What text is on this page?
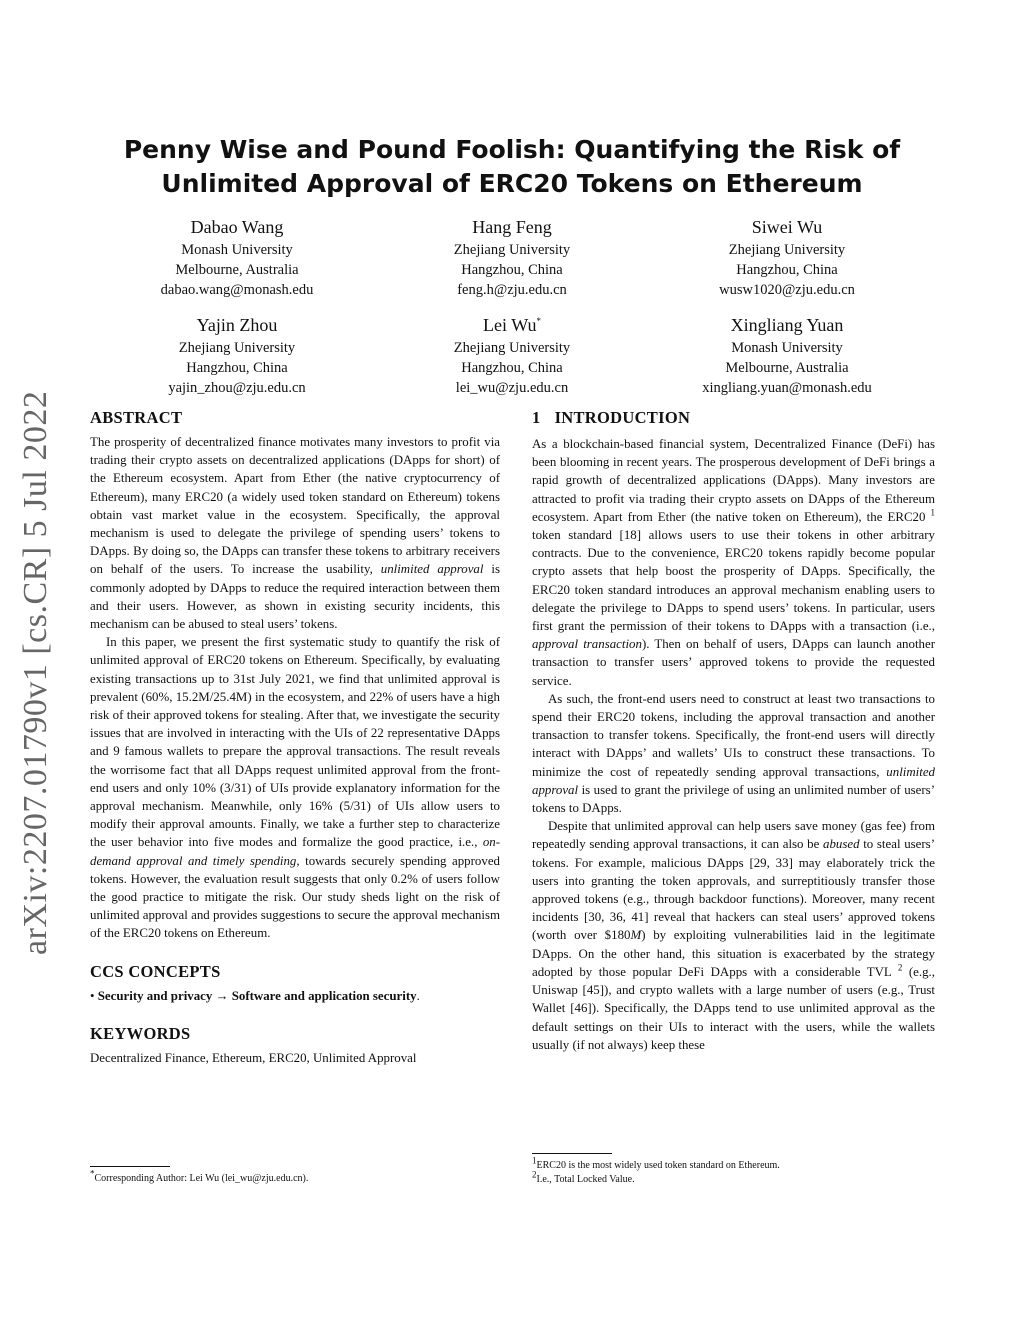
arXiv:2207.01790v1 [cs.CR] 5 Jul 2022
Penny Wise and Pound Foolish: Quantifying the Risk of
Unlimited Approval of ERC20 Tokens on Ethereum
Dabao Wang
Monash University
Melbourne, Australia
dabao.wang@monash.edu
Hang Feng
Zhejiang University
Hangzhou, China
feng.h@zju.edu.cn
Siwei Wu
Zhejiang University
Hangzhou, China
wusw1020@zju.edu.cn
Yajin Zhou
Zhejiang University
Hangzhou, China
yajin_zhou@zju.edu.cn
Lei Wu*
Zhejiang University
Hangzhou, China
lei_wu@zju.edu.cn
Xingliang Yuan
Monash University
Melbourne, Australia
xingliang.yuan@monash.edu
ABSTRACT

The prosperity of decentralized finance motivates many investors to profit via trading their crypto assets on decentralized applications (DApps for short) of the Ethereum ecosystem. Apart from Ether (the native cryptocurrency of Ethereum), many ERC20 (a widely used token standard on Ethereum) tokens obtain vast market value in the ecosystem. Specifically, the approval mechanism is used to delegate the privilege of spending users’ tokens to DApps. By doing so, the DApps can transfer these tokens to arbitrary receivers on behalf of the users. To increase the usability, unlimited approval is commonly adopted by DApps to reduce the required interaction between them and their users. However, as shown in existing security incidents, this mechanism can be abused to steal users’ tokens.

In this paper, we present the first systematic study to quantify the risk of unlimited approval of ERC20 tokens on Ethereum. Specifically, by evaluating existing transactions up to 31st July 2021, we find that unlimited approval is prevalent (60%, 15.2M/25.4M) in the ecosystem, and 22% of users have a high risk of their approved tokens for stealing. After that, we investigate the security issues that are involved in interacting with the UIs of 22 representative DApps and 9 famous wallets to prepare the approval transactions. The result reveals the worrisome fact that all DApps request unlimited approval from the front-end users and only 10% (3/31) of UIs provide explanatory information for the approval mechanism. Meanwhile, only 16% (5/31) of UIs allow users to modify their approval amounts. Finally, we take a further step to characterize the user behavior into five modes and formalize the good practice, i.e., on-demand approval and timely spending, towards securely spending approved tokens. However, the evaluation result suggests that only 0.2% of users follow the good practice to mitigate the risk. Our study sheds light on the risk of unlimited approval and provides suggestions to secure the approval mechanism of the ERC20 tokens on Ethereum.

CCS CONCEPTS

• Security and privacy → Software and application security.

KEYWORDS

Decentralized Finance, Ethereum, ERC20, Unlimited Approval

*Corresponding Author: Lei Wu (lei_wu@zju.edu.cn).
1 INTRODUCTION

As a blockchain-based financial system, Decentralized Finance (DeFi) has been blooming in recent years. The prosperous development of DeFi brings a rapid growth of decentralized applications (DApps). Many investors are attracted to profit via trading their crypto assets on DApps of the Ethereum ecosystem. Apart from Ether (the native token on Ethereum), the ERC20 $^1$ token standard [18] allows users to use their tokens in other arbitrary contracts. Due to the convenience, ERC20 tokens rapidly become popular crypto assets that help boost the prosperity of DApps. Specifically, the ERC20 token standard introduces an approval mechanism enabling users to delegate the privilege to DApps to spend users’ tokens. In particular, users first grant the permission of their tokens to DApps with a transaction (i.e., approval transaction). Then on behalf of users, DApps can launch another transaction to transfer users’ approved tokens to provide the requested service.

As such, the front-end users need to construct at least two transactions to spend their ERC20 tokens, including the approval transaction and another transaction to transfer tokens. Specifically, the front-end users will directly interact with DApps’ and wallets’ UIs to construct these transactions. To minimize the cost of repeatedly sending approval transactions, unlimited approval is used to grant the privilege of using an unlimited number of users’ tokens to DApps.

Despite that unlimited approval can help users save money (gas fee) from repeatedly sending approval transactions, it can also be abused to steal users’ tokens. For example, malicious DApps [29, 33] may elaborately trick the users into granting the token approvals, and surreptitiously transfer those approved tokens (e.g., through backdoor functions). Moreover, many recent incidents [30, 36, 41] reveal that hackers can steal users’ approved tokens (worth over $180M) by exploiting vulnerabilities laid in the legitimate DApps. On the other hand, this situation is exacerbated by the strategy adopted by those popular DeFi DApps with a considerable TVL $^2$ (e.g., Uniswap [45]), and crypto wallets with a large number of users (e.g., Trust Wallet [46]). Specifically, the DApps tend to use unlimited approval as the default settings on their UIs to interact with the users, while the wallets usually (if not always) keep these

$^1$ERC20 is the most widely used token standard on Ethereum.
$^2$I.e., Total Locked Value.
